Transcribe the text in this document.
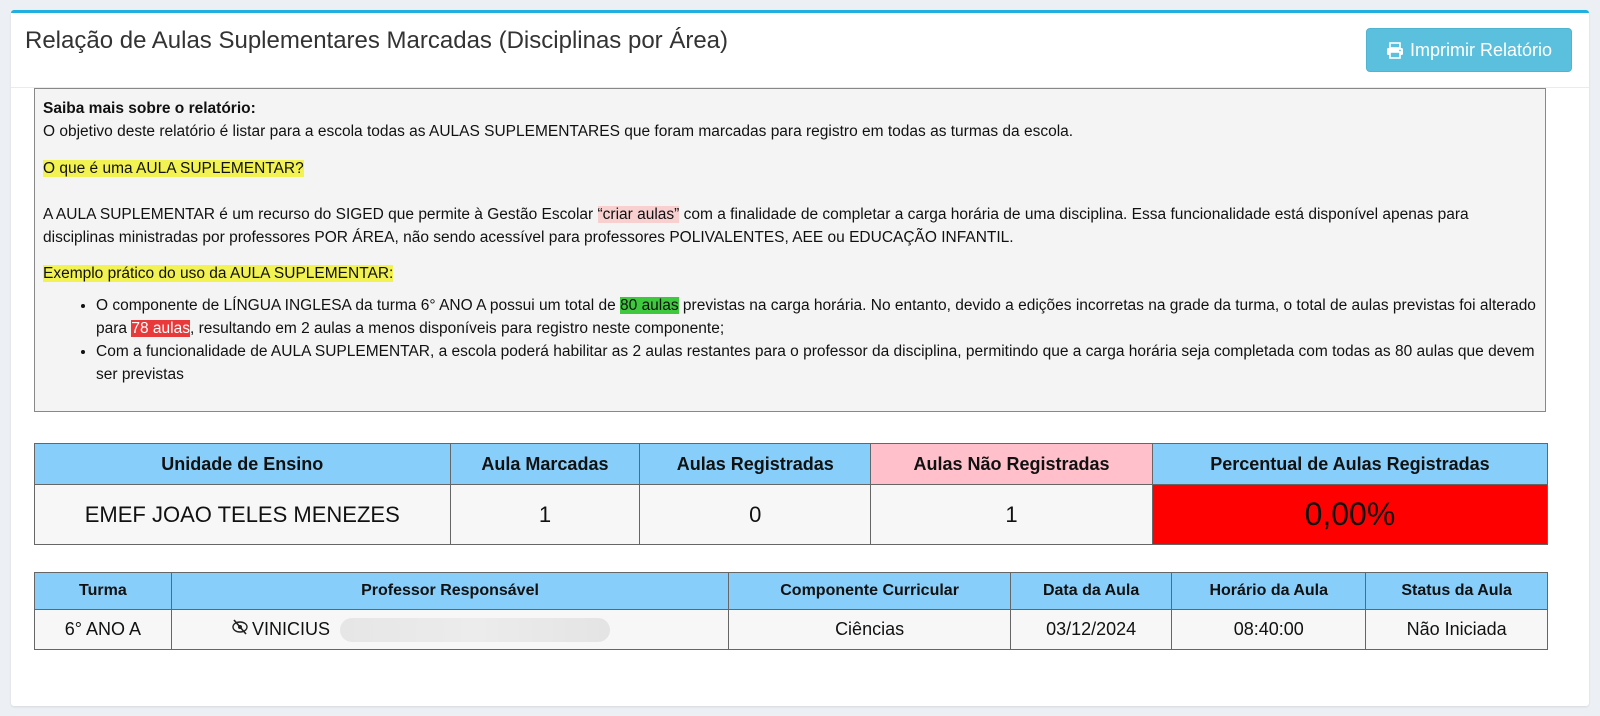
Relação de Aulas Suplementares Marcadas (Disciplinas por Área)	Imprimir Relatório

Saiba mais sobre o relatório:

O objetivo deste relatório é listar para a escola todas as AULAS SUPLEMENTARES que foram marcadas para registro em todas as turmas da escola.

O que é uma AULA SUPLEMENTAR?

A AULA SUPLEMENTAR é um recurso do SIGED que permite à Gestão Escolar “criar aulas” com a finalidade de completar a carga horária de uma disciplina. Essa funcionalidade está disponível apenas para disciplinas ministradas por professores POR ÁREA, não sendo acessível para professores POLIVALENTES, AEE ou EDUCAÇÃO INFANTIL.

Exemplo prático do uso da AULA SUPLEMENTAR:

• O componente de LÍNGUA INGLESA da turma 6° ANO A possui um total de 80 aulas previstas na carga horária. No entanto, devido a edições incorretas na grade da turma, o total de aulas previstas foi alterado para 78 aulas, resultando em 2 aulas a menos disponíveis para registro neste componente;
• Com a funcionalidade de AULA SUPLEMENTAR, a escola poderá habilitar as 2 aulas restantes para o professor da disciplina, permitindo que a carga horária seja completada com todas as 80 aulas que devem ser previstas
Unidade de Ensino	Aula Marcadas	Aulas Registradas	Aulas Não Registradas	Percentual de Aulas Registradas
EMEF JOAO TELES MENEZES	1	0	1	0,00%
Turma	Professor Responsável	Componente Curricular	Data da Aula	Horário da Aula	Status da Aula
6° ANO A	VINICIUS	Ciências	03/12/2024	08:40:00	Não Iniciada
